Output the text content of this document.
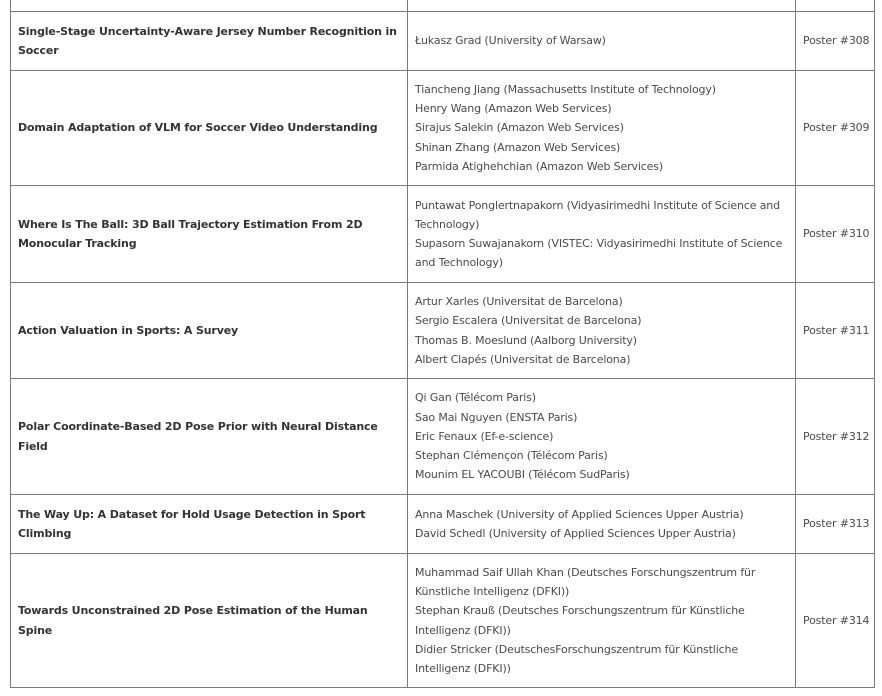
Single-Stage Uncertainty-Aware Jersey Number Recognition in Soccer	Łukasz Grad (University of Warsaw)	Poster #308
Domain Adaptation of VLM for Soccer Video Understanding	Tiancheng Jiang (Massachusetts Institute of Technology)
Henry Wang (Amazon Web Services)
Sirajus Salekin (Amazon Web Services)
Shinan Zhang (Amazon Web Services)
Parmida Atighehchian (Amazon Web Services)	Poster #309
Where Is The Ball: 3D Ball Trajectory Estimation From 2D Monocular Tracking	Puntawat Ponglertnapakorn (Vidyasirimedhi Institute of Science and Technology)
Supasorn Suwajanakorn (VISTEC: Vidyasirimedhi Institute of Science and Technology)	Poster #310
Action Valuation in Sports: A Survey	Artur Xarles (Universitat de Barcelona)
Sergio Escalera (Universitat de Barcelona)
Thomas B. Moeslund (Aalborg University)
Albert Clapés (Universitat de Barcelona)	Poster #311
Polar Coordinate-Based 2D Pose Prior with Neural Distance Field	Qi Gan (Télécom Paris)
Sao Mai Nguyen (ENSTA Paris)
Eric Fenaux (Ef-e-science)
Stephan Clémençon (Télécom Paris)
Mounim EL YACOUBI (Télécom SudParis)	Poster #312
The Way Up: A Dataset for Hold Usage Detection in Sport Climbing	Anna Maschek (University of Applied Sciences Upper Austria)
David Schedl (University of Applied Sciences Upper Austria)	Poster #313
Towards Unconstrained 2D Pose Estimation of the Human Spine	Muhammad Saif Ullah Khan (Deutsches Forschungszentrum für Künstliche Intelligenz (DFKI))
Stephan Krauß (Deutsches Forschungszentrum für Künstliche Intelligenz (DFKI))
Didier Stricker (DeutschesForschungszentrum für Künstliche Intelligenz (DFKI))	Poster #314
